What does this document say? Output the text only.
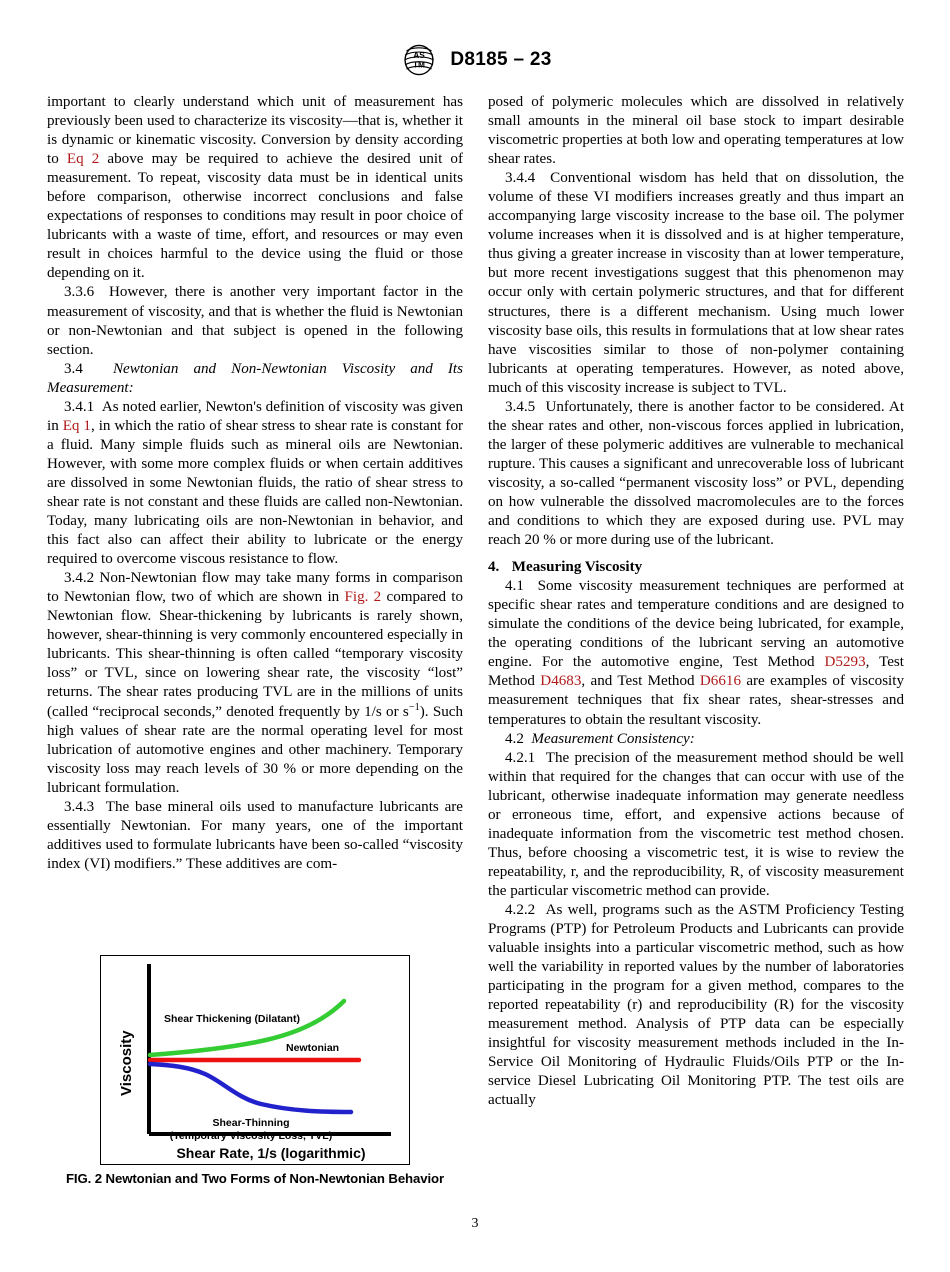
AS
TM D8185 – 23

important to clearly understand which unit of measurement has previously been used to characterize its viscosity—that is, whether it is dynamic or kinematic viscosity. Conversion by density according to Eq 2 above may be required to achieve the desired unit of measurement. To repeat, viscosity data must be in identical units before comparison, otherwise incorrect conclusions and false expectations of responses to conditions may result in poor choice of lubricants with a waste of time, effort, and resources or may even result in choices harmful to the device using the fluid or those depending on it.

3.3.6 However, there is another very important factor in the measurement of viscosity, and that is whether the fluid is Newtonian or non-Newtonian and that subject is opened in the following section.

3.4 Newtonian and Non-Newtonian Viscosity and Its Measurement:

3.4.1 As noted earlier, Newton's definition of viscosity was given in Eq 1, in which the ratio of shear stress to shear rate is constant for a fluid. Many simple fluids such as mineral oils are Newtonian. However, with some more complex fluids or when certain additives are dissolved in some Newtonian fluids, the ratio of shear stress to shear rate is not constant and these fluids are called non-Newtonian. Today, many lubricating oils are non-Newtonian in behavior, and this fact also can affect their ability to lubricate or the energy required to overcome viscous resistance to flow.

3.4.2 Non-Newtonian flow may take many forms in comparison to Newtonian flow, two of which are shown in Fig. 2 compared to Newtonian flow. Shear-thickening by lubricants is rarely shown, however, shear-thinning is very commonly encountered especially in lubricants. This shear-thinning is often called “temporary viscosity loss” or TVL, since on lowering shear rate, the viscosity “lost” returns. The shear rates producing TVL are in the millions of units (called “reciprocal seconds,” denoted frequently by 1/s or $s^{-1}$). Such high values of shear rate are the normal operating level for most lubrication of automotive engines and other machinery. Temporary viscosity loss may reach levels of 30 % or more depending on the lubricant formulation.

3.4.3 The base mineral oils used to manufacture lubricants are essentially Newtonian. For many years, one of the important additives used to formulate lubricants have been so-called “viscosity index (VI) modifiers.” These additives are com-

posed of polymeric molecules which are dissolved in relatively small amounts in the mineral oil base stock to impart desirable viscometric properties at both low and operating temperatures at low shear rates.

3.4.4 Conventional wisdom has held that on dissolution, the volume of these VI modifiers increases greatly and thus impart an accompanying large viscosity increase to the base oil. The polymer volume increases when it is dissolved and is at higher temperature, thus giving a greater increase in viscosity than at lower temperature, but more recent investigations suggest that this phenomenon may occur only with certain polymeric structures, and that for different structures, there is a different mechanism. Using much lower viscosity base oils, this results in formulations that at low shear rates have viscosities similar to those of non-polymer containing lubricants at operating temperatures. However, as noted above, much of this viscosity increase is subject to TVL.

3.4.5 Unfortunately, there is another factor to be considered. At the shear rates and other, non-viscous forces applied in lubrication, the larger of these polymeric additives are vulnerable to mechanical rupture. This causes a significant and unrecoverable loss of lubricant viscosity, a so-called “permanent viscosity loss” or PVL, depending on how vulnerable the dissolved macromolecules are to the forces and conditions to which they are exposed during use. PVL may reach 20 % or more during use of the lubricant.

4. Measuring Viscosity

4.1 Some viscosity measurement techniques are performed at specific shear rates and temperature conditions and are designed to simulate the conditions of the device being lubricated, for example, the operating conditions of the lubricant serving an automotive engine. For the automotive engine, Test Method D5293, Test Method D4683, and Test Method D6616 are examples of viscosity measurement techniques that fix shear rates, shear-stresses and temperatures to obtain the resultant viscosity.

4.2 Measurement Consistency:

4.2.1 The precision of the measurement method should be well within that required for the changes that can occur with use of the lubricant, otherwise inadequate information may generate needless or erroneous time, effort, and expensive actions because of inadequate information from the viscometric test method chosen. Thus, before choosing a viscometric test, it is wise to review the repeatability, r, and the reproducibility, R, of viscosity measurement the particular viscometric method can provide.

4.2.2 As well, programs such as the ASTM Proficiency Testing Programs (PTP) for Petroleum Products and Lubricants can provide valuable insights into a particular viscometric method, such as how well the variability in reported values by the number of laboratories participating in the program for a given method, compares to the reported repeatability (r) and reproducibility (R) for the viscosity measurement method. Analysis of PTP data can be especially insightful for viscosity measurement methods included in the In-Service Oil Monitoring of Hydraulic Fluids/Oils PTP or the In-service Diesel Lubricating Oil Monitoring PTP. The test oils are actually

Viscosity
Shear Thickening (Dilatant)
Newtonian
Shear-Thinning
(Temporary Viscosity Loss, TVL)
Shear Rate, 1/s (logarithmic)
FIG. 2 Newtonian and Two Forms of Non-Newtonian Behavior
3
